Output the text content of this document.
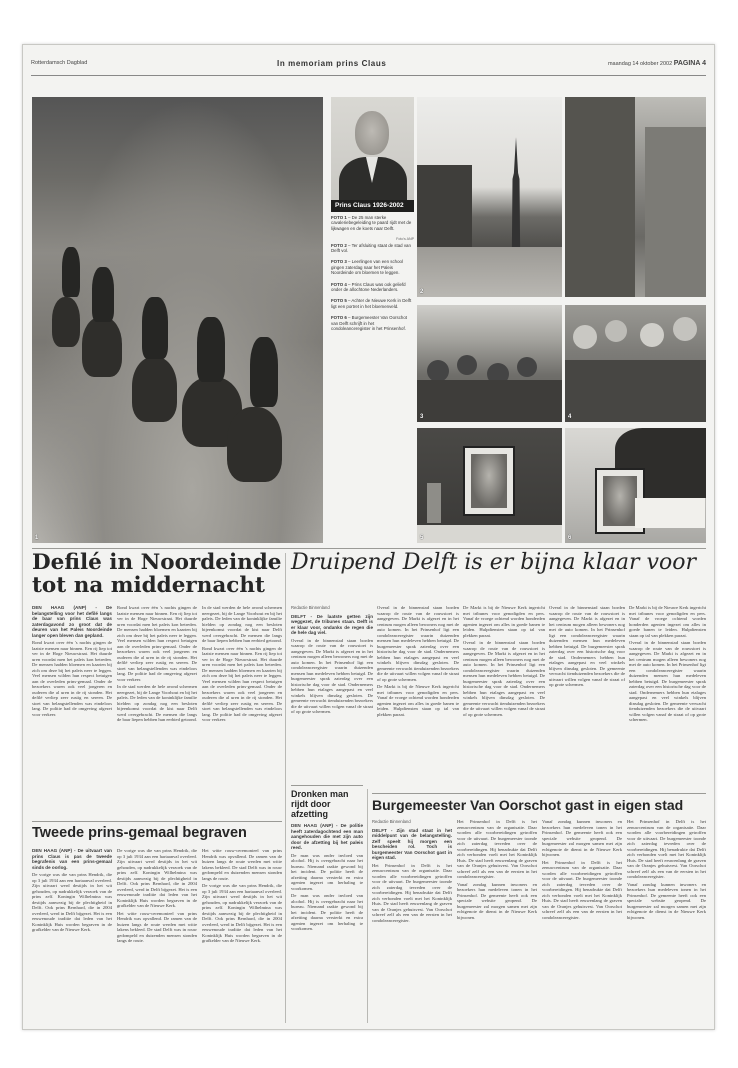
Rotterdamsch Dagblad	In memoriam prins Claus	maandag 14 oktober 2002 PAGINA 4
1
Prins Claus 1926-2002
2
3	4
5	6

FOTO 1 – De 25 man sterke cavaleriebegeleiding te paard rijdt met de lijkwagen en de koets naar Delft.

Foto's ANP

FOTO 2 – Ter afsluiting staat de stad van Delft vol.

FOTO 3 – Leerlingen van een school gingen zaterdag naar het Paleis Noordeinde om bloemen te leggen.

FOTO 4 – Prins Claus was ook geliefd onder de allochtone Nederlanders.

FOTO 5 – Achter de Nieuwe Kerk in Delft ligt een portret in het bloemenveld.

FOTO 6 – Burgemeester Van Oorschot van Delft schrijft in het condoleanceregister in het Prinsenhof.

Defilé in Noordeinde tot na middernacht
Druipend Delft is er bijna klaar voor

DEN HAAG (ANP) - De belangstelling voor het defilé langs de baar van prins Claus was zaterdagavond zo groot dat de deuren van het Paleis Noordeinde langer open bleven dan gepland.

Rond kwart over één 's nachts gingen de laatste mensen naar binnen. Een rij liep tot ver in de Hoge Nieuwstraat. Het duurde uren voordat men het paleis kon betreden. De mensen hadden bloemen en kaarten bij zich om deze bij het paleis neer te leggen. Veel mensen wilden hun respect betuigen aan de overleden prins-gemaal. Onder de bezoekers waren ook veel jongeren en ouderen die al uren in de rij stonden. Het defilé verliep zeer rustig en sereen. De stoet van belangstellenden was eindeloos lang. De politie had de omgeving afgezet voor verkeer.

Rond kwart over één 's nachts gingen de laatste mensen naar binnen. Een rij liep tot ver in de Hoge Nieuwstraat. Het duurde uren voordat men het paleis kon betreden. De mensen hadden bloemen en kaarten bij zich om deze bij het paleis neer te leggen. Veel mensen wilden hun respect betuigen aan de overleden prins-gemaal. Onder de bezoekers waren ook veel jongeren en ouderen die al uren in de rij stonden. Het defilé verliep zeer rustig en sereen. De stoet van belangstellenden was eindeloos lang. De politie had de omgeving afgezet voor verkeer.

In de stad werden de hele avond schermen neergezet, bij de Lange Voorhout en bij het paleis. De leden van de koninklijke familie hielden op zondag nog een besloten bijeenkomst voordat de kist naar Delft werd overgebracht. De mensen die langs de baar liepen hebben hun eerbied getoond.

In de stad werden de hele avond schermen neergezet, bij de Lange Voorhout en bij het paleis. De leden van de koninklijke familie hielden op zondag nog een besloten bijeenkomst voordat de kist naar Delft werd overgebracht. De mensen die langs de baar liepen hebben hun eerbied getoond.

Rond kwart over één 's nachts gingen de laatste mensen naar binnen. Een rij liep tot ver in de Hoge Nieuwstraat. Het duurde uren voordat men het paleis kon betreden. De mensen hadden bloemen en kaarten bij zich om deze bij het paleis neer te leggen. Veel mensen wilden hun respect betuigen aan de overleden prins-gemaal. Onder de bezoekers waren ook veel jongeren en ouderen die al uren in de rij stonden. Het defilé verliep zeer rustig en sereen. De stoet van belangstellenden was eindeloos lang. De politie had de omgeving afgezet voor verkeer.

Redactie Binnenland

DELFT - De laatste getten zijn weggezet, de tribunes staan. Delft is er klaar voor, ondanks de regen die de hele dag viel.

Overal in de binnenstad staan borden waarop de route van de rouwstoet is aangegeven. De Markt is afgezet en in het centrum mogen alleen bewoners nog met de auto komen. In het Prinsenhof ligt een condoleanceregister waarin duizenden mensen hun medeleven hebben betuigd. De burgemeester sprak zaterdag over een historische dag voor de stad. Ondernemers hebben hun etalages aangepast en veel winkels blijven dinsdag gesloten. De gemeente verwacht tienduizenden bezoekers die de uitvaart willen volgen vanaf de straat of op grote schermen.

Overal in de binnenstad staan borden waarop de route van de rouwstoet is aangegeven. De Markt is afgezet en in het centrum mogen alleen bewoners nog met de auto komen. In het Prinsenhof ligt een condoleanceregister waarin duizenden mensen hun medeleven hebben betuigd. De burgemeester sprak zaterdag over een historische dag voor de stad. Ondernemers hebben hun etalages aangepast en veel winkels blijven dinsdag gesloten. De gemeente verwacht tienduizenden bezoekers die de uitvaart willen volgen vanaf de straat of op grote schermen.

De Markt is bij de Nieuwe Kerk ingericht met tribunes voor genodigden en pers. Vanaf de vroege ochtend worden honderden agenten ingezet om alles in goede banen te leiden. Hulpdiensten staan op tal van plekken paraat.

De Markt is bij de Nieuwe Kerk ingericht met tribunes voor genodigden en pers. Vanaf de vroege ochtend worden honderden agenten ingezet om alles in goede banen te leiden. Hulpdiensten staan op tal van plekken paraat.

Overal in de binnenstad staan borden waarop de route van de rouwstoet is aangegeven. De Markt is afgezet en in het centrum mogen alleen bewoners nog met de auto komen. In het Prinsenhof ligt een condoleanceregister waarin duizenden mensen hun medeleven hebben betuigd. De burgemeester sprak zaterdag over een historische dag voor de stad. Ondernemers hebben hun etalages aangepast en veel winkels blijven dinsdag gesloten. De gemeente verwacht tienduizenden bezoekers die de uitvaart willen volgen vanaf de straat of op grote schermen.

Overal in de binnenstad staan borden waarop de route van de rouwstoet is aangegeven. De Markt is afgezet en in het centrum mogen alleen bewoners nog met de auto komen. In het Prinsenhof ligt een condoleanceregister waarin duizenden mensen hun medeleven hebben betuigd. De burgemeester sprak zaterdag over een historische dag voor de stad. Ondernemers hebben hun etalages aangepast en veel winkels blijven dinsdag gesloten. De gemeente verwacht tienduizenden bezoekers die de uitvaart willen volgen vanaf de straat of op grote schermen.

De Markt is bij de Nieuwe Kerk ingericht met tribunes voor genodigden en pers. Vanaf de vroege ochtend worden honderden agenten ingezet om alles in goede banen te leiden. Hulpdiensten staan op tal van plekken paraat.

Overal in de binnenstad staan borden waarop de route van de rouwstoet is aangegeven. De Markt is afgezet en in het centrum mogen alleen bewoners nog met de auto komen. In het Prinsenhof ligt een condoleanceregister waarin duizenden mensen hun medeleven hebben betuigd. De burgemeester sprak zaterdag over een historische dag voor de stad. Ondernemers hebben hun etalages aangepast en veel winkels blijven dinsdag gesloten. De gemeente verwacht tienduizenden bezoekers die de uitvaart willen volgen vanaf de straat of op grote schermen.

Tweede prins-gemaal begraven

DEN HAAG (ANP) - De uitvaart van prins Claus is pas de tweede begrafenis van een prins-gemaal sinds de oorlog.

De vorige was die van prins Hendrik, die op 3 juli 1934 aan een hartaanval overleed. Zijn uitvaart werd destijds in het wit gehouden, op nadrukkelijk verzoek van de prins zelf. Koningin Wilhelmina was destijds aanwezig bij de plechtigheid in Delft. Ook prins Bernhard, die in 2004 overleed, werd in Delft bijgezet. Het is een eeuwenoude traditie dat leden van het Koninklijk Huis worden begraven in de grafkelder van de Nieuwe Kerk.

De vorige was die van prins Hendrik, die op 3 juli 1934 aan een hartaanval overleed. Zijn uitvaart werd destijds in het wit gehouden, op nadrukkelijk verzoek van de prins zelf. Koningin Wilhelmina was destijds aanwezig bij de plechtigheid in Delft. Ook prins Bernhard, die in 2004 overleed, werd in Delft bijgezet. Het is een eeuwenoude traditie dat leden van het Koninklijk Huis worden begraven in de grafkelder van de Nieuwe Kerk.

Het witte rouw-ceremonieel van prins Hendrik was opvallend. De ramen van de huizen langs de route werden met witte lakens bekleed. De stad Delft was in rouw gedompeld en duizenden mensen stonden langs de route.

Het witte rouw-ceremonieel van prins Hendrik was opvallend. De ramen van de huizen langs de route werden met witte lakens bekleed. De stad Delft was in rouw gedompeld en duizenden mensen stonden langs de route.

De vorige was die van prins Hendrik, die op 3 juli 1934 aan een hartaanval overleed. Zijn uitvaart werd destijds in het wit gehouden, op nadrukkelijk verzoek van de prins zelf. Koningin Wilhelmina was destijds aanwezig bij de plechtigheid in Delft. Ook prins Bernhard, die in 2004 overleed, werd in Delft bijgezet. Het is een eeuwenoude traditie dat leden van het Koninklijk Huis worden begraven in de grafkelder van de Nieuwe Kerk.

Dronken man rijdt door afzetting

DEN HAAG (ANP) - De politie heeft zaterdagochtend een man aangehouden die met zijn auto door de afzetting bij het paleis reed.

De man was onder invloed van alcohol. Hij is overgebracht naar het bureau. Niemand raakte gewond bij het incident. De politie heeft de afzetting daarna versterkt en extra agenten ingezet om herhaling te voorkomen.

De man was onder invloed van alcohol. Hij is overgebracht naar het bureau. Niemand raakte gewond bij het incident. De politie heeft de afzetting daarna versterkt en extra agenten ingezet om herhaling te voorkomen.

Burgemeester Van Oorschot gast in eigen stad
Redactie Binnenland

DELFT - Zijn stad staat in het middelpunt van de belangstelling. Zelf speelt hij morgen een bescheiden rol. Toch is burgemeester Van Oorschot gast in eigen stad.

Het Prinsenhof in Delft is het zenuwcentrum van de organisatie. Daar worden alle voorbereidingen getroffen voor de uitvaart. De burgemeester toonde zich zaterdag tevreden over de voorbereidingen. Hij benadrukte dat Delft zich verbonden voelt met het Koninklijk Huis. De stad heeft eeuwenlang de graven van de Oranjes gehuisvest. Van Oorschot schreef zelf als een van de eersten in het condoleanceregister.

Het Prinsenhof in Delft is het zenuwcentrum van de organisatie. Daar worden alle voorbereidingen getroffen voor de uitvaart. De burgemeester toonde zich zaterdag tevreden over de voorbereidingen. Hij benadrukte dat Delft zich verbonden voelt met het Koninklijk Huis. De stad heeft eeuwenlang de graven van de Oranjes gehuisvest. Van Oorschot schreef zelf als een van de eersten in het condoleanceregister.

Vanaf zondag kunnen inwoners en bezoekers hun medeleven tonen in het Prinsenhof. De gemeente heeft ook een speciale website geopend. De burgemeester zal morgen samen met zijn echtgenote de dienst in de Nieuwe Kerk bijwonen.

Vanaf zondag kunnen inwoners en bezoekers hun medeleven tonen in het Prinsenhof. De gemeente heeft ook een speciale website geopend. De burgemeester zal morgen samen met zijn echtgenote de dienst in de Nieuwe Kerk bijwonen.

Het Prinsenhof in Delft is het zenuwcentrum van de organisatie. Daar worden alle voorbereidingen getroffen voor de uitvaart. De burgemeester toonde zich zaterdag tevreden over de voorbereidingen. Hij benadrukte dat Delft zich verbonden voelt met het Koninklijk Huis. De stad heeft eeuwenlang de graven van de Oranjes gehuisvest. Van Oorschot schreef zelf als een van de eersten in het condoleanceregister.

Het Prinsenhof in Delft is het zenuwcentrum van de organisatie. Daar worden alle voorbereidingen getroffen voor de uitvaart. De burgemeester toonde zich zaterdag tevreden over de voorbereidingen. Hij benadrukte dat Delft zich verbonden voelt met het Koninklijk Huis. De stad heeft eeuwenlang de graven van de Oranjes gehuisvest. Van Oorschot schreef zelf als een van de eersten in het condoleanceregister.

Vanaf zondag kunnen inwoners en bezoekers hun medeleven tonen in het Prinsenhof. De gemeente heeft ook een speciale website geopend. De burgemeester zal morgen samen met zijn echtgenote de dienst in de Nieuwe Kerk bijwonen.
